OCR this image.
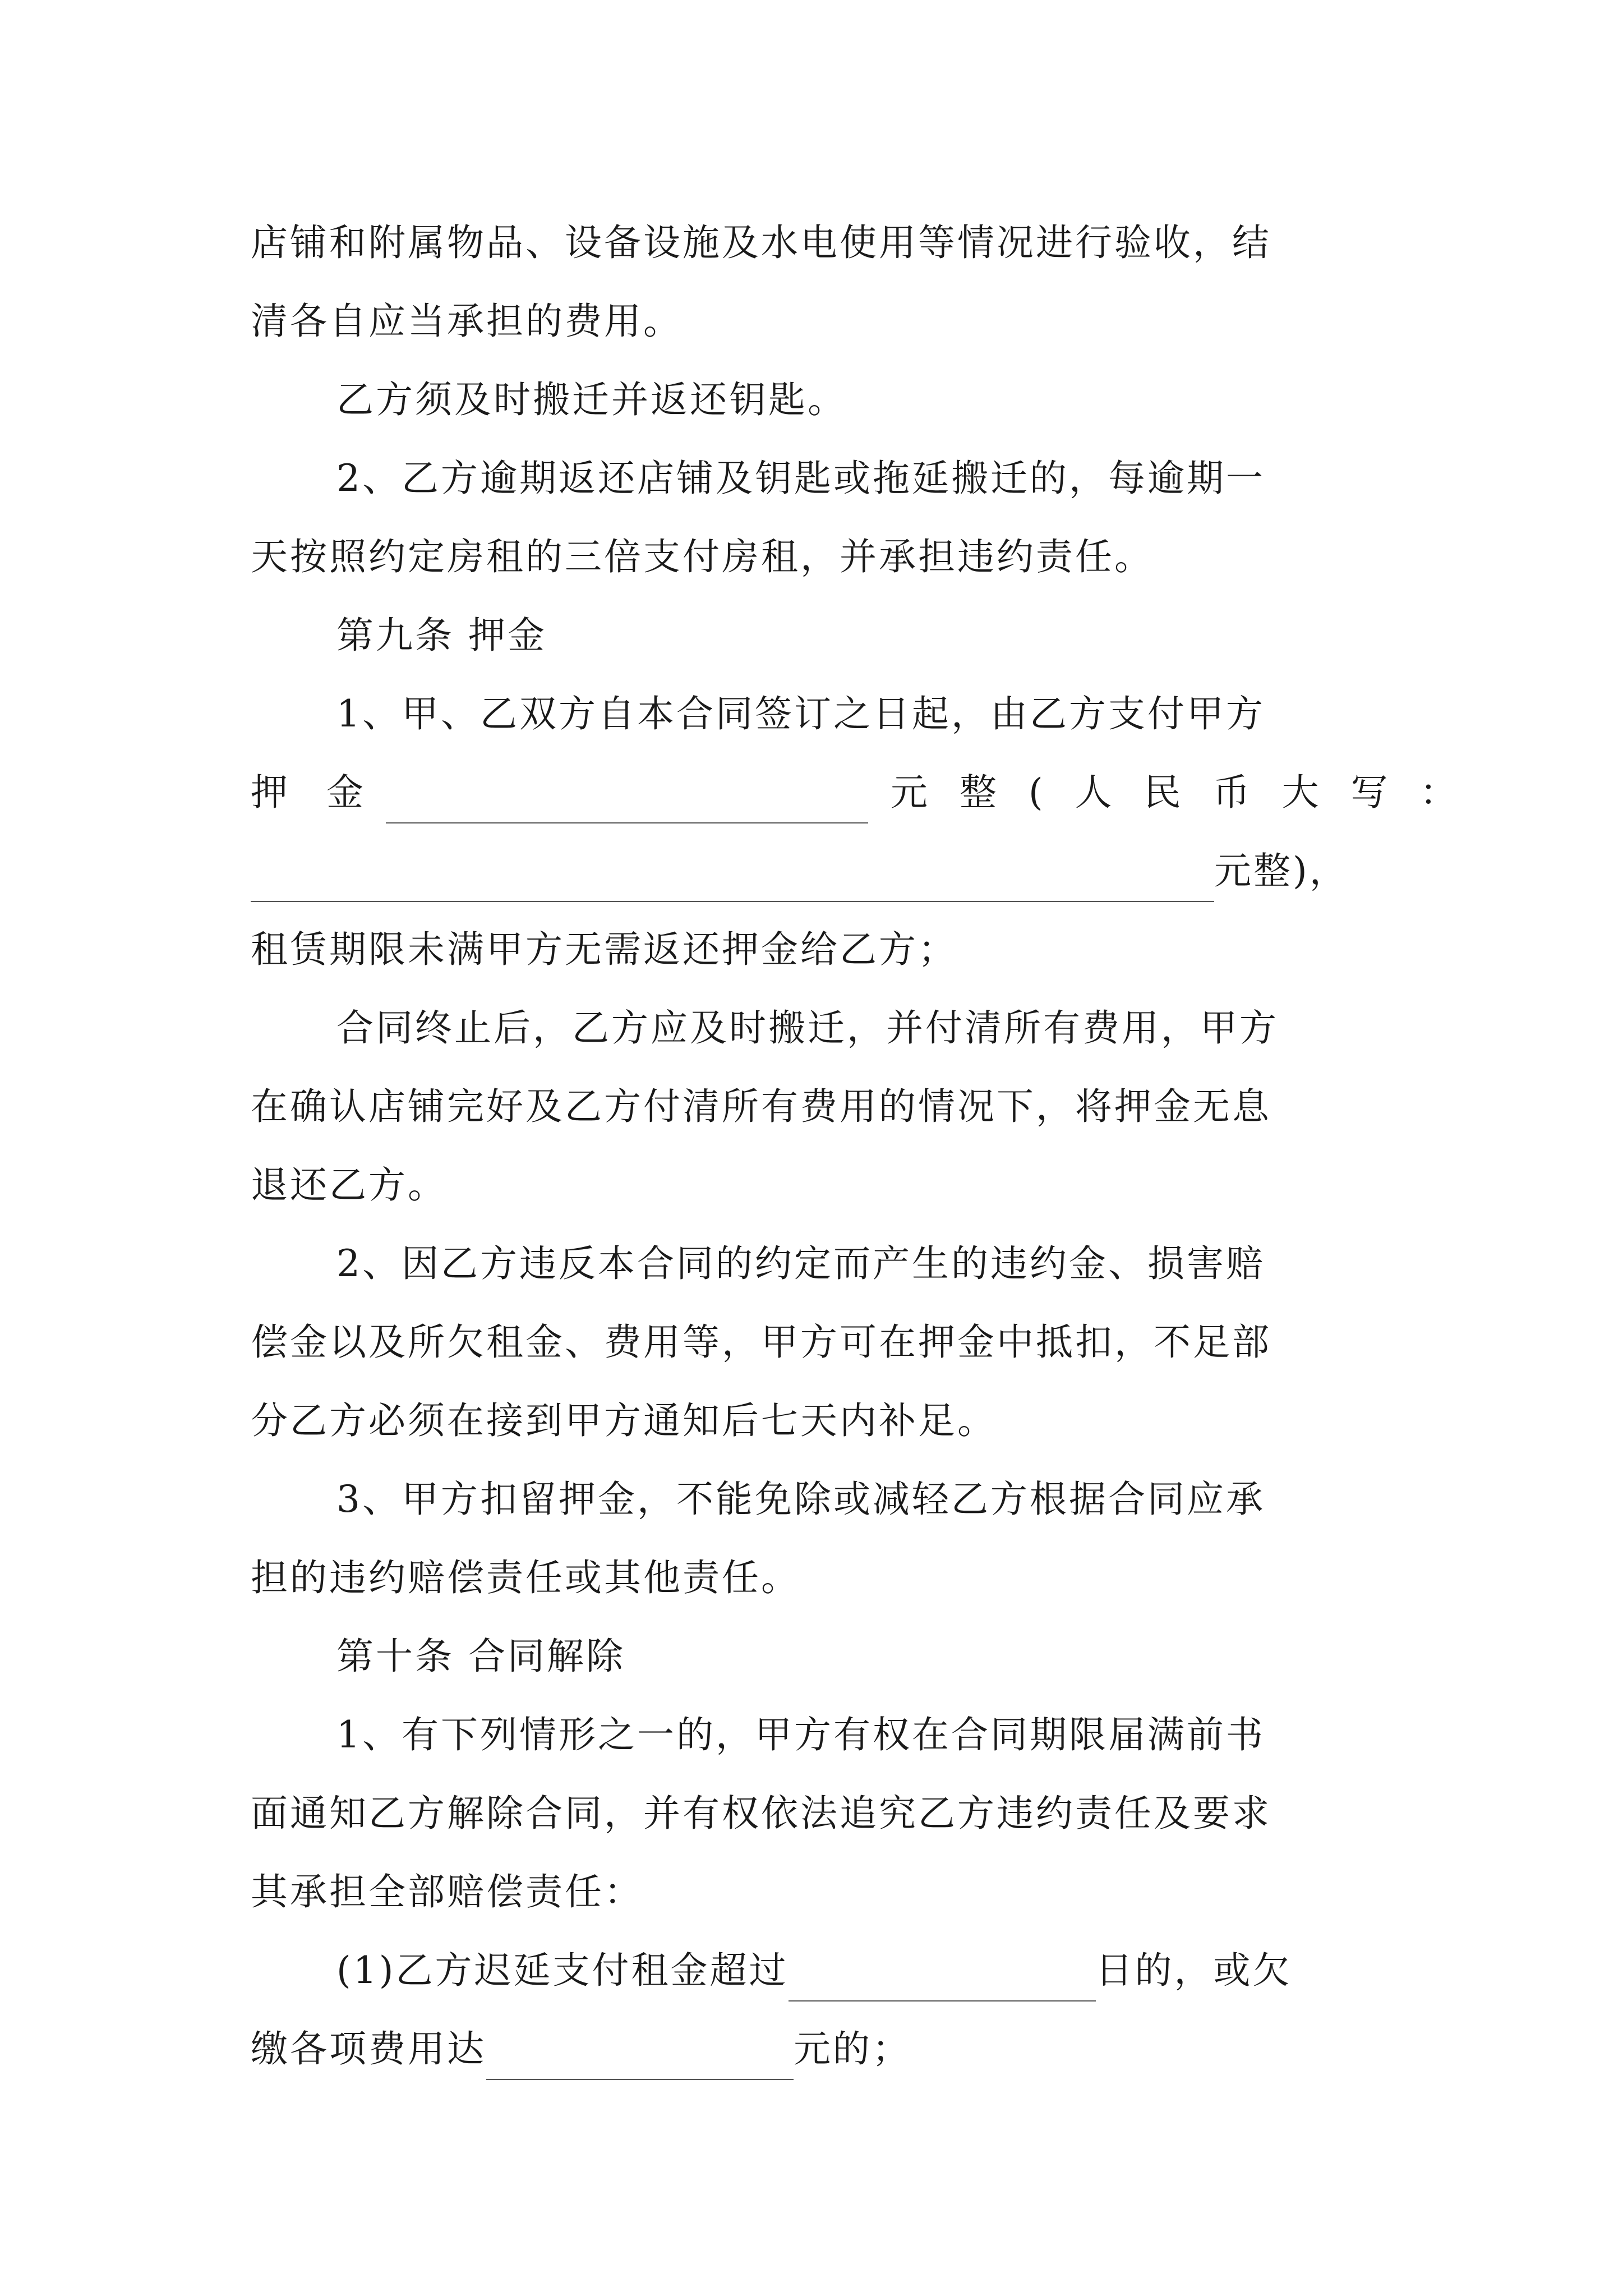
店铺和附属物品、设备设施及水电使用等情况进行验收，结
清各自应当承担的费用。
乙方须及时搬迁并返还钥匙。
2、乙方逾期返还店铺及钥匙或拖延搬迁的，每逾期一
天按照约定房租的三倍支付房租，并承担违约责任。
第九条 押金
1、甲、乙双方自本合同签订之日起，由乙方支付甲方
押 金	元 整 ( 人 民 币 大 写 ：
元整)，
租赁期限未满甲方无需返还押金给乙方；
合同终止后，乙方应及时搬迁，并付清所有费用，甲方
在确认店铺完好及乙方付清所有费用的情况下，将押金无息
退还乙方。
2、因乙方违反本合同的约定而产生的违约金、损害赔
偿金以及所欠租金、费用等，甲方可在押金中抵扣，不足部
分乙方必须在接到甲方通知后七天内补足。
3、甲方扣留押金，不能免除或减轻乙方根据合同应承
担的违约赔偿责任或其他责任。
第十条 合同解除
1、有下列情形之一的，甲方有权在合同期限届满前书
面通知乙方解除合同，并有权依法追究乙方违约责任及要求
其承担全部赔偿责任：
(1)乙方迟延支付租金超过	日的，或欠
缴各项费用达	元的；
